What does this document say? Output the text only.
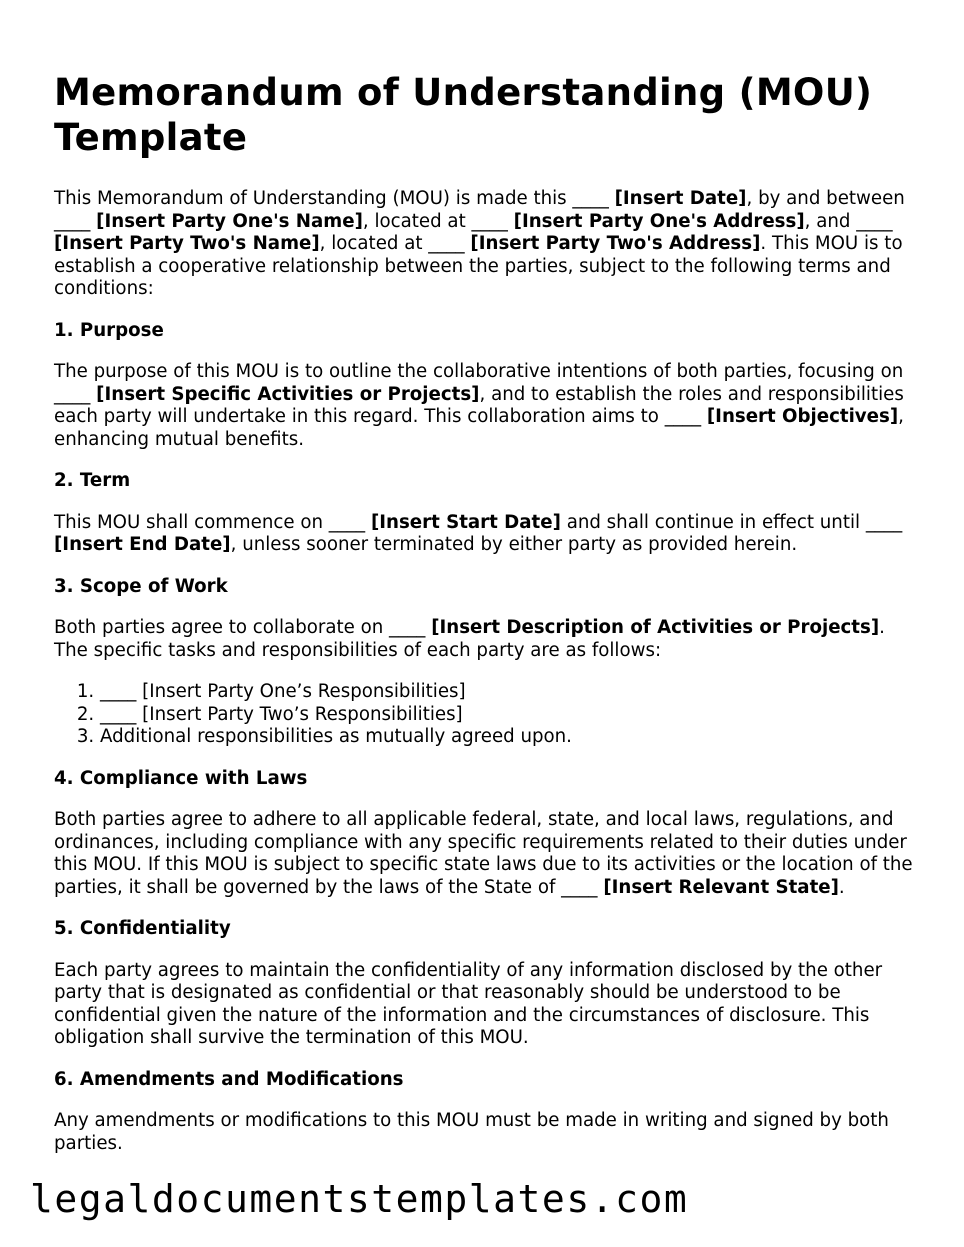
Memorandum of Understanding (MOU) Template

This Memorandum of Understanding (MOU) is made this ____ [Insert Date], by and between ____ [Insert Party One's Name], located at ____ [Insert Party One's Address], and ____ [Insert Party Two's Name], located at ____ [Insert Party Two's Address]. This MOU is to establish a cooperative relationship between the parties, subject to the following terms and conditions:

1. Purpose

The purpose of this MOU is to outline the collaborative intentions of both parties, focusing on ____ [Insert Specific Activities or Projects], and to establish the roles and responsibilities each party will undertake in this regard. This collaboration aims to ____ [Insert Objectives], enhancing mutual benefits.

2. Term

This MOU shall commence on ____ [Insert Start Date] and shall continue in effect until ____ [Insert End Date], unless sooner terminated by either party as provided herein.

3. Scope of Work

Both parties agree to collaborate on ____ [Insert Description of Activities or Projects]. The specific tasks and responsibilities of each party are as follows:

1. ____ [Insert Party One’s Responsibilities]
2. ____ [Insert Party Two’s Responsibilities]
3. Additional responsibilities as mutually agreed upon.
4. Compliance with Laws

Both parties agree to adhere to all applicable federal, state, and local laws, regulations, and ordinances, including compliance with any specific requirements related to their duties under this MOU. If this MOU is subject to specific state laws due to its activities or the location of the parties, it shall be governed by the laws of the State of ____ [Insert Relevant State].

5. Confidentiality

Each party agrees to maintain the confidentiality of any information disclosed by the other party that is designated as confidential or that reasonably should be understood to be confidential given the nature of the information and the circumstances of disclosure. This obligation shall survive the termination of this MOU.

6. Amendments and Modifications

Any amendments or modifications to this MOU must be made in writing and signed by both parties.

legaldocumentstemplates.com
